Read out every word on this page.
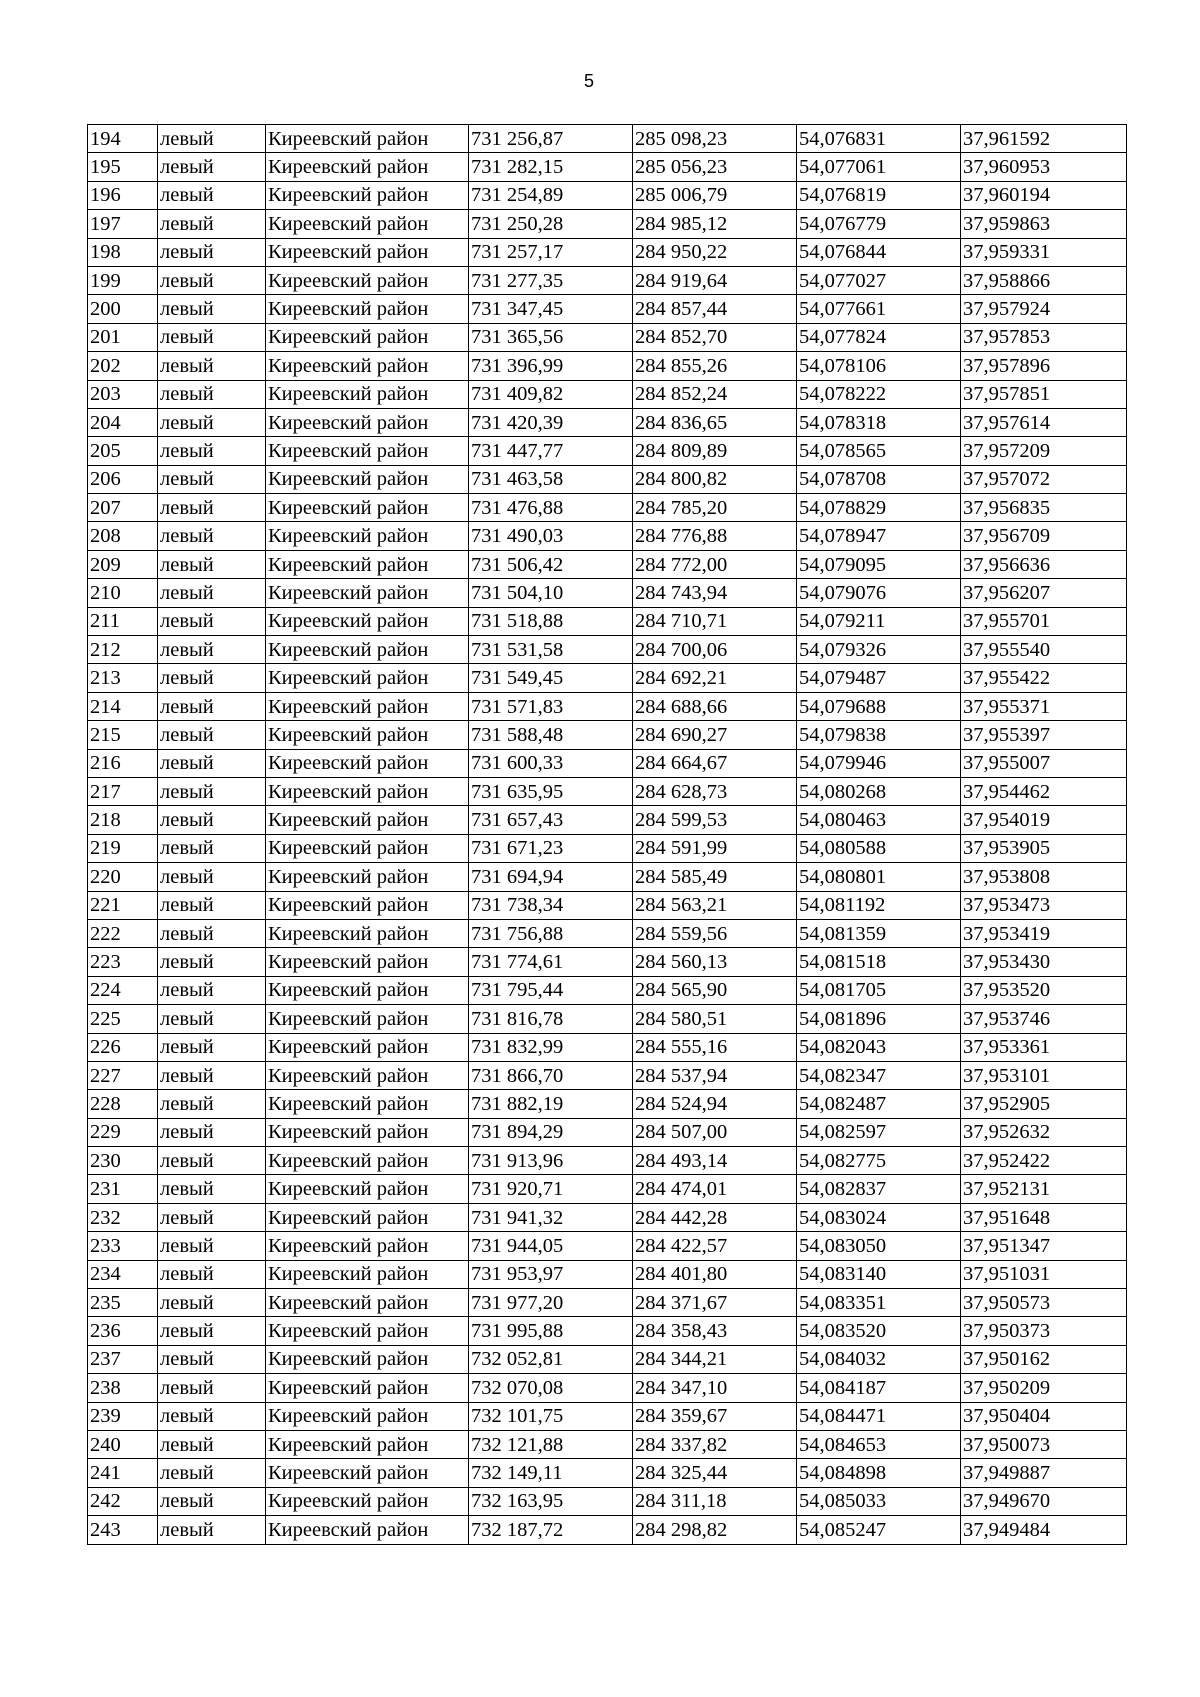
5
194	левый	Киреевский район	731 256,87	285 098,23	54,076831	37,961592
195	левый	Киреевский район	731 282,15	285 056,23	54,077061	37,960953
196	левый	Киреевский район	731 254,89	285 006,79	54,076819	37,960194
197	левый	Киреевский район	731 250,28	284 985,12	54,076779	37,959863
198	левый	Киреевский район	731 257,17	284 950,22	54,076844	37,959331
199	левый	Киреевский район	731 277,35	284 919,64	54,077027	37,958866
200	левый	Киреевский район	731 347,45	284 857,44	54,077661	37,957924
201	левый	Киреевский район	731 365,56	284 852,70	54,077824	37,957853
202	левый	Киреевский район	731 396,99	284 855,26	54,078106	37,957896
203	левый	Киреевский район	731 409,82	284 852,24	54,078222	37,957851
204	левый	Киреевский район	731 420,39	284 836,65	54,078318	37,957614
205	левый	Киреевский район	731 447,77	284 809,89	54,078565	37,957209
206	левый	Киреевский район	731 463,58	284 800,82	54,078708	37,957072
207	левый	Киреевский район	731 476,88	284 785,20	54,078829	37,956835
208	левый	Киреевский район	731 490,03	284 776,88	54,078947	37,956709
209	левый	Киреевский район	731 506,42	284 772,00	54,079095	37,956636
210	левый	Киреевский район	731 504,10	284 743,94	54,079076	37,956207
211	левый	Киреевский район	731 518,88	284 710,71	54,079211	37,955701
212	левый	Киреевский район	731 531,58	284 700,06	54,079326	37,955540
213	левый	Киреевский район	731 549,45	284 692,21	54,079487	37,955422
214	левый	Киреевский район	731 571,83	284 688,66	54,079688	37,955371
215	левый	Киреевский район	731 588,48	284 690,27	54,079838	37,955397
216	левый	Киреевский район	731 600,33	284 664,67	54,079946	37,955007
217	левый	Киреевский район	731 635,95	284 628,73	54,080268	37,954462
218	левый	Киреевский район	731 657,43	284 599,53	54,080463	37,954019
219	левый	Киреевский район	731 671,23	284 591,99	54,080588	37,953905
220	левый	Киреевский район	731 694,94	284 585,49	54,080801	37,953808
221	левый	Киреевский район	731 738,34	284 563,21	54,081192	37,953473
222	левый	Киреевский район	731 756,88	284 559,56	54,081359	37,953419
223	левый	Киреевский район	731 774,61	284 560,13	54,081518	37,953430
224	левый	Киреевский район	731 795,44	284 565,90	54,081705	37,953520
225	левый	Киреевский район	731 816,78	284 580,51	54,081896	37,953746
226	левый	Киреевский район	731 832,99	284 555,16	54,082043	37,953361
227	левый	Киреевский район	731 866,70	284 537,94	54,082347	37,953101
228	левый	Киреевский район	731 882,19	284 524,94	54,082487	37,952905
229	левый	Киреевский район	731 894,29	284 507,00	54,082597	37,952632
230	левый	Киреевский район	731 913,96	284 493,14	54,082775	37,952422
231	левый	Киреевский район	731 920,71	284 474,01	54,082837	37,952131
232	левый	Киреевский район	731 941,32	284 442,28	54,083024	37,951648
233	левый	Киреевский район	731 944,05	284 422,57	54,083050	37,951347
234	левый	Киреевский район	731 953,97	284 401,80	54,083140	37,951031
235	левый	Киреевский район	731 977,20	284 371,67	54,083351	37,950573
236	левый	Киреевский район	731 995,88	284 358,43	54,083520	37,950373
237	левый	Киреевский район	732 052,81	284 344,21	54,084032	37,950162
238	левый	Киреевский район	732 070,08	284 347,10	54,084187	37,950209
239	левый	Киреевский район	732 101,75	284 359,67	54,084471	37,950404
240	левый	Киреевский район	732 121,88	284 337,82	54,084653	37,950073
241	левый	Киреевский район	732 149,11	284 325,44	54,084898	37,949887
242	левый	Киреевский район	732 163,95	284 311,18	54,085033	37,949670
243	левый	Киреевский район	732 187,72	284 298,82	54,085247	37,949484
